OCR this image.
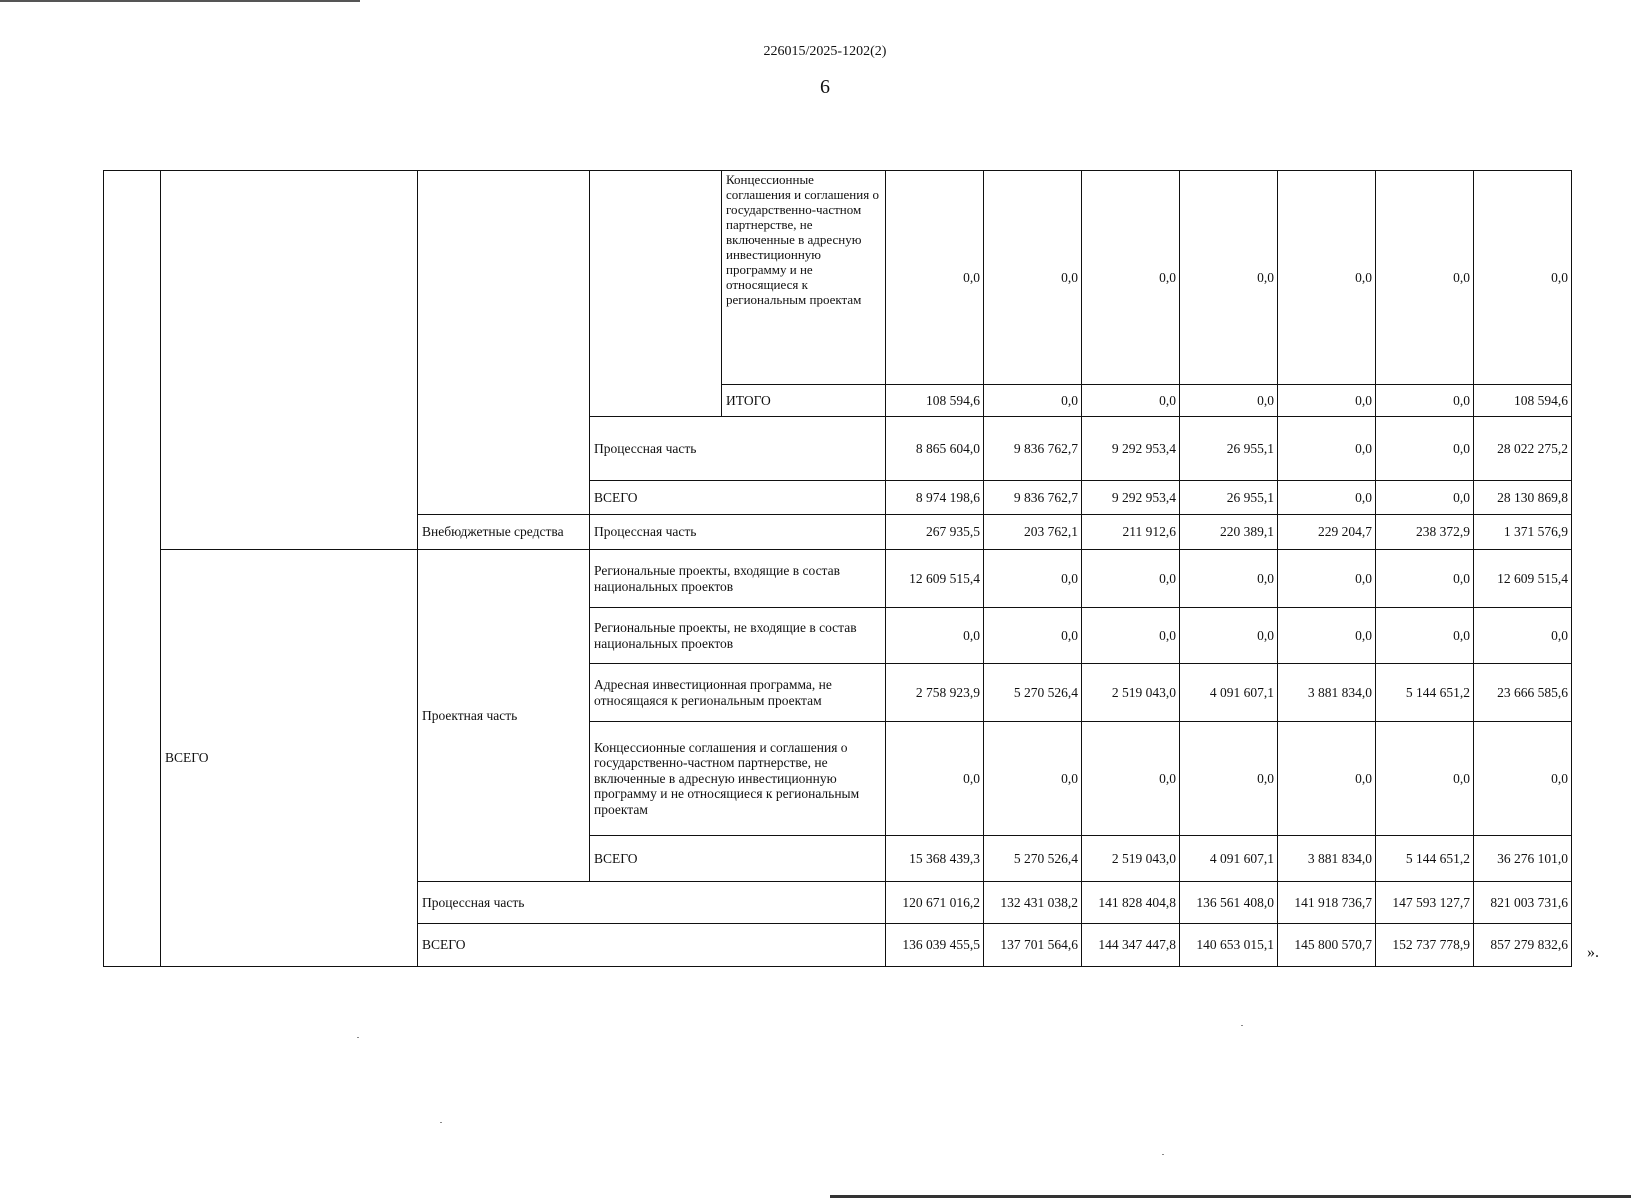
226015/2025-1202(2)
6
				Концессионные соглашения и соглашения о государственно-частном партнерстве, не включенные в адресную инвестиционную программу и не относящиеся к региональным проектам	0,0	0,0	0,0	0,0	0,0	0,0	0,0
				ИТОГО	108 594,6	0,0	0,0	0,0	0,0	0,0	108 594,6
			Процессная часть		8 865 604,0	9 836 762,7	9 292 953,4	26 955,1	0,0	0,0	28 022 275,2
			ВСЕГО		8 974 198,6	9 836 762,7	9 292 953,4	26 955,1	0,0	0,0	28 130 869,8
		Внебюджетные средства	Процессная часть		267 935,5	203 762,1	211 912,6	220 389,1	229 204,7	238 372,9	1 371 576,9
	ВСЕГО	Проектная часть	Региональные проекты, входящие в состав национальных проектов		12 609 515,4	0,0	0,0	0,0	0,0	0,0	12 609 515,4
			Региональные проекты, не входящие в состав национальных проектов		0,0	0,0	0,0	0,0	0,0	0,0	0,0
			Адресная инвестиционная программа, не относящаяся к региональным проектам		2 758 923,9	5 270 526,4	2 519 043,0	4 091 607,1	3 881 834,0	5 144 651,2	23 666 585,6
			Концессионные соглашения и соглашения о государственно-частном партнерстве, не включенные в адресную инвестиционную программу и не относящиеся к региональным проектам		0,0	0,0	0,0	0,0	0,0	0,0	0,0
			ВСЕГО		15 368 439,3	5 270 526,4	2 519 043,0	4 091 607,1	3 881 834,0	5 144 651,2	36 276 101,0
		Процессная часть			120 671 016,2	132 431 038,2	141 828 404,8	136 561 408,0	141 918 736,7	147 593 127,7	821 003 731,6
		ВСЕГО			136 039 455,5	137 701 564,6	144 347 447,8	140 653 015,1	145 800 570,7	152 737 778,9	857 279 832,6 ».
